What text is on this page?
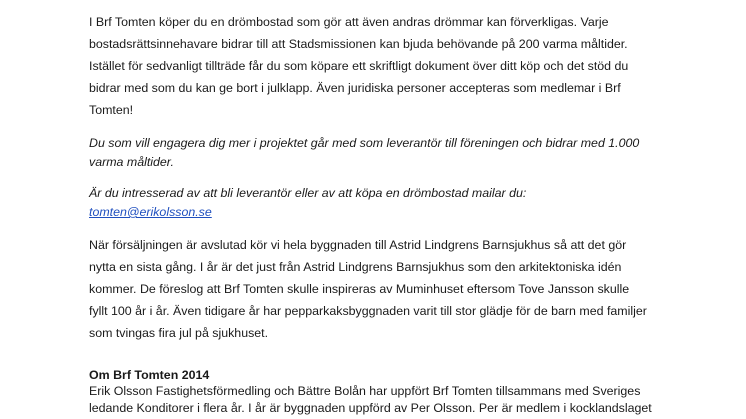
I Brf Tomten köper du en drömbostad som gör att även andras drömmar kan förverkligas. Varje
bostadsrättsinnehavare bidrar till att Stadsmissionen kan bjuda behövande på 200 varma måltider.
Istället för sedvanligt tillträde får du som köpare ett skriftligt dokument över ditt köp och det stöd du
bidrar med som du kan ge bort i julklapp. Även juridiska personer accepteras som medlemar i Brf
Tomten!

Du som vill engagera dig mer i projektet går med som leverantör till föreningen och bidrar med 1.000
varma måltider.

Är du intresserad av att bli leverantör eller av att köpa en drömbostad mailar du:
tomten@erikolsson.se

När försäljningen är avslutad kör vi hela byggnaden till Astrid Lindgrens Barnsjukhus så att det gör
nytta en sista gång. I år är det just från Astrid Lindgrens Barnsjukhus som den arkitektoniska idén
kommer. De föreslog att Brf Tomten skulle inspireras av Muminhuset eftersom Tove Jansson skulle
fyllt 100 år i år. Även tidigare år har pepparkaksbyggnaden varit till stor glädje för de barn med familjer
som tvingas fira jul på sjukhuset.

Om Brf Tomten 2014

Erik Olsson Fastighetsförmedling och Bättre Bolån har uppfört Brf Tomten tillsammans med Sveriges
ledande Konditorer i flera år. I år är byggnaden uppförd av Per Olsson. Per är medlem i kocklandslaget
